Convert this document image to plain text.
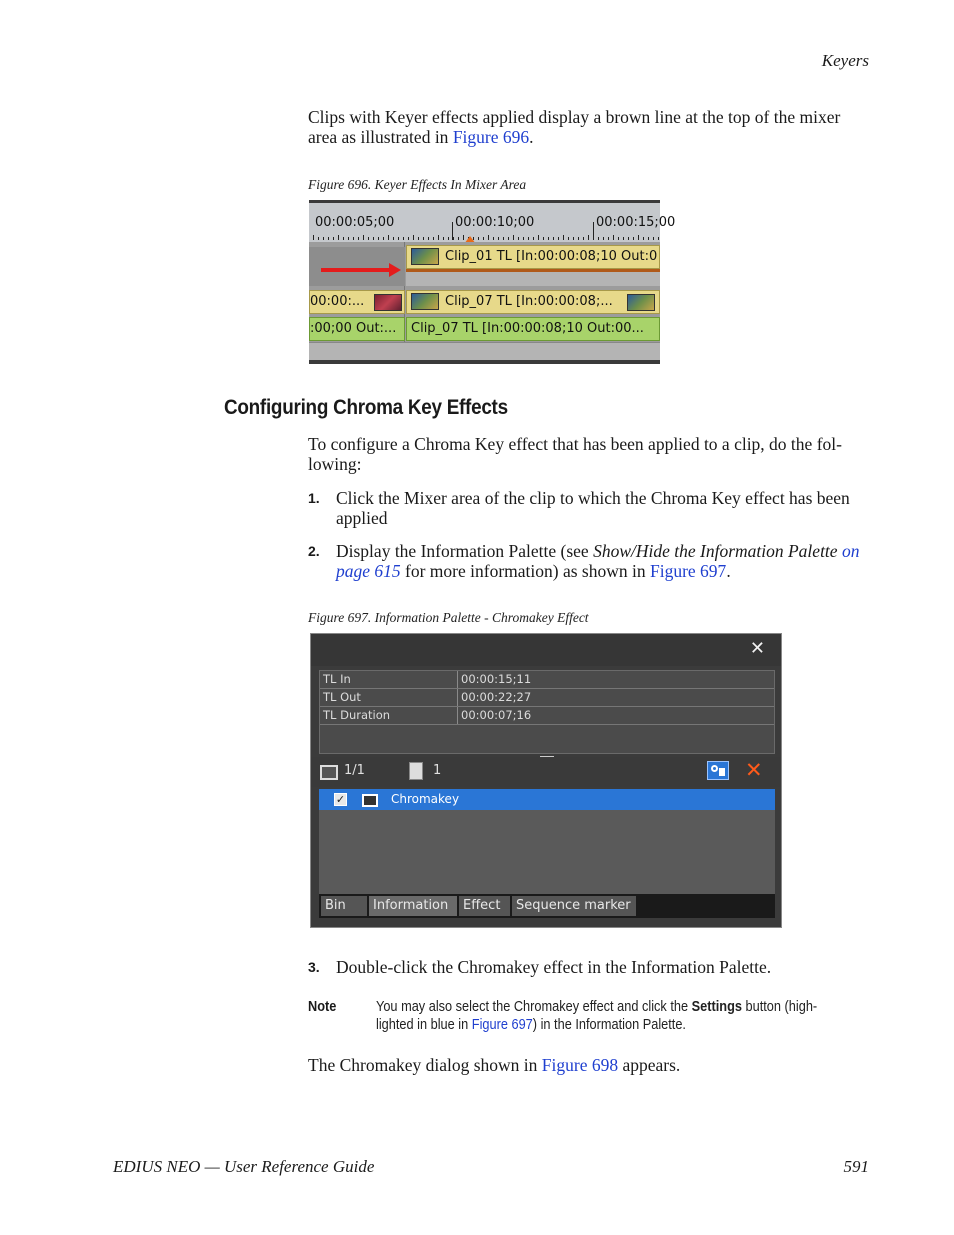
Keyers
Clips with Keyer effects applied display a brown line at the top of the mixer area as illustrated in Figure 696.
Figure 696. Keyer Effects In Mixer Area
00:00:05;00	00:00:10;00	00:00:15;00
Clip_01 TL [In:00:00:08;10 Out:0
00:00:...	Clip_07 TL [In:00:00:08;...
:00;00 Out:...	Clip_07 TL [In:00:00:08;10 Out:00...
Configuring Chroma Key Effects
To configure a Chroma Key effect that has been applied to a clip, do the fol-
lowing:
1. Click the Mixer area of the clip to which the Chroma Key effect has been
applied
2. Display the Information Palette (see Show/Hide the Information Palette on
page 615 for more information) as shown in Figure 697.
Figure 697. Information Palette - Chromakey Effect
✕
TL In	00:00:15;11
TL Out	00:00:22;27
TL Duration	00:00:07;16
1/1	1	✕
✓	Chromakey
Bin	Information	Effect	Sequence marker
3. Double-click the Chromakey effect in the Information Palette.
Note	You may also select the Chromakey effect and click the Settings button (high-
lighted in blue in Figure 697) in the Information Palette.
The Chromakey dialog shown in Figure 698 appears.
EDIUS NEO — User Reference Guide	591
